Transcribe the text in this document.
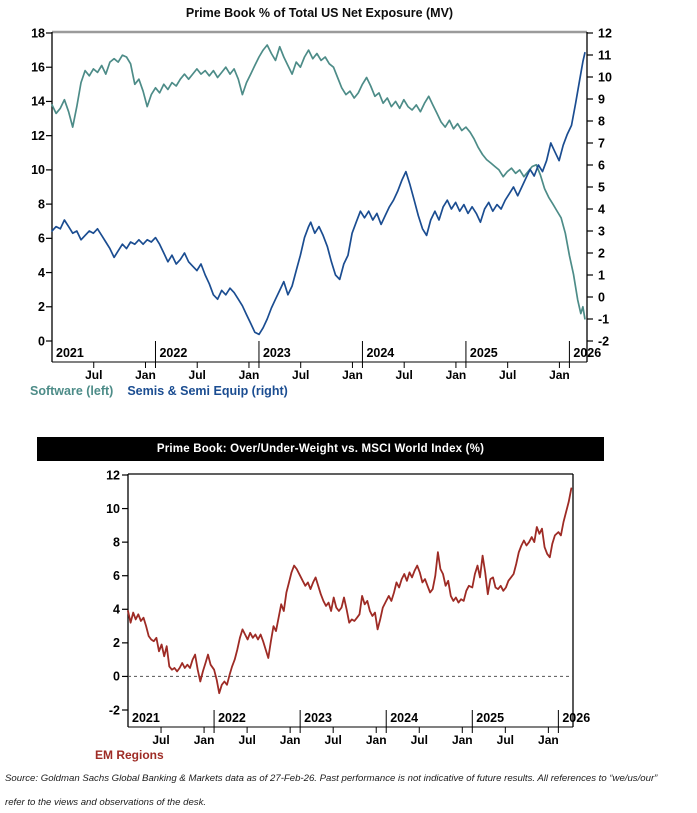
18
16
14
12
10
8
6
4
2
0
12
11
10
9
8
7
6
5
4
3
2
1
0
-1
-2
2021	2022	2023	2024	2025	2026
Jul	Jan	Jul	Jan	Jul	Jan	Jul	Jan	Jul	Jan
12
10
8
6
4
2
0
-2
2021	2022	2023	2024	2025	2026
Jul Jan Jul Jan Jul Jan Jul Jan Jul Jan
Prime Book % of Total US Net Exposure (MV)
Software (left) Semis & Semi Equip (right)
Prime Book: Over/Under-Weight vs. MSCI World Index (%)
EM Regions
Source: Goldman Sachs Global Banking & Markets data as of 27-Feb-26. Past performance is not indicative of future results. All references to “we/us/our”
refer to the views and observations of the desk.
